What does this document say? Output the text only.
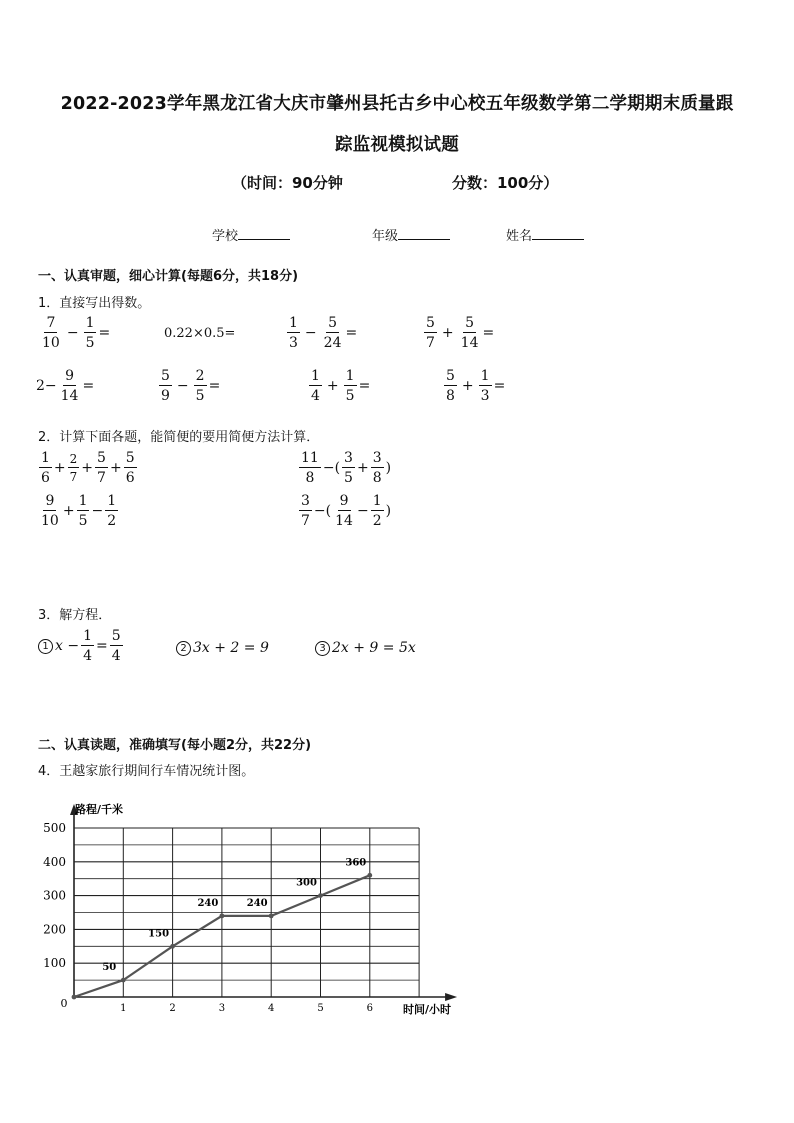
2022-2023学年黑龙江省大庆市肇州县托古乡中心校五年级数学第二学期期末质量跟
踪监视模拟试题
（时间：90分钟	分数：100分）
学校	年级	姓名
一、认真审题，细心计算(每题6分，共18分)
1．直接写出得数。
$\frac{7}{10} - \frac{1}{5}$ =	0.22×0.5=	$\frac{1}{3} - \frac{5}{24}$ =	$\frac{5}{7} + \frac{5}{14}$ =
$2- \frac{9}{14}$ =	$\frac{5}{9} - \frac{2}{5}$ =	$\frac{1}{4} + \frac{1}{5}$ =	$\frac{5}{8} + \frac{1}{3}$ =
2．计算下面各题，能简便的要用简便方法计算．
$\frac{1}{6} + \frac{2}{7} + \frac{5}{7} + \frac{5}{6}$	$\frac{11}{8}$ − ( $\frac{3}{5} + \frac{3}{8}$ )
$\frac{9}{10} + \frac{1}{5} - \frac{1}{2}$	$\frac{3}{7}$ − ( $\frac{9}{14} - \frac{1}{2}$ )
3．解方程．
1 $x - \frac{1}{4} = \frac{5}{4}$	2 3x + 2 = 9	3 2x + 9 = 5x
二、认真读题，准确填写(每小题2分，共22分)
4．王越家旅行期间行车情况统计图。
100
200
300
400
500
0	1	2	3	4	5	6
50
150
240	240
300
360
路程/千米
时间/小时
